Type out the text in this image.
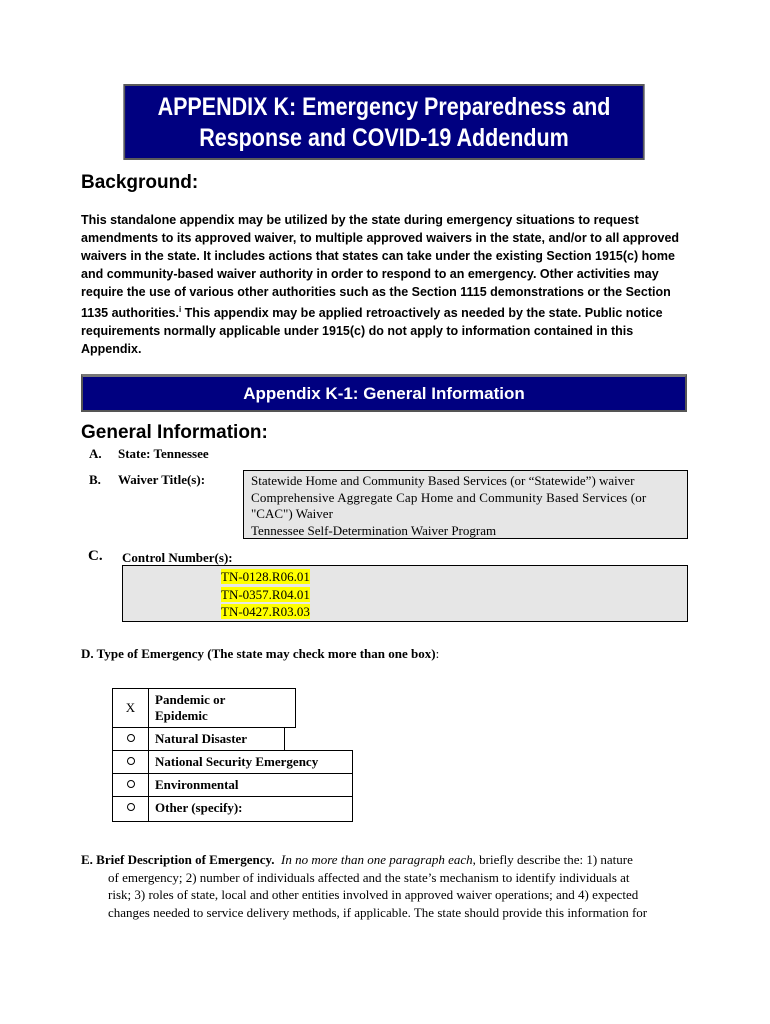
APPENDIX K: Emergency Preparedness and
Response and COVID-19 Addendum
Background:
This standalone appendix may be utilized by the state during emergency situations to request amendments to its approved waiver, to multiple approved waivers in the state, and/or to all approved waivers in the state. It includes actions that states can take under the existing Section 1915(c) home and community-based waiver authority in order to respond to an emergency. Other activities may require the use of various other authorities such as the Section 1115 demonstrations or the Section 1135 authorities.$^i$ This appendix may be applied retroactively as needed by the state. Public notice requirements normally applicable under 1915(c) do not apply to information contained in this Appendix.
Appendix K-1: General Information
General Information:
A. State: Tennessee
B. Waiver Title(s):	Statewide Home and Community Based Services (or “Statewide”) waiver
Comprehensive Aggregate Cap Home and Community Based Services (or
"CAC") Waiver
Tennessee Self-Determination Waiver Program
C. Control Number(s):
TN-0128.R06.01
TN-0357.R04.01
TN-0427.R03.03
D. Type of Emergency (The state may check more than one box):
X
Pandemic or
Epidemic
Natural Disaster
National Security Emergency
Environmental
Other (specify):
E. Brief Description of Emergency. In no more than one paragraph each, briefly describe the: 1) nature
of emergency; 2) number of individuals affected and the state’s mechanism to identify individuals at
risk; 3) roles of state, local and other entities involved in approved waiver operations; and 4) expected
changes needed to service delivery methods, if applicable. The state should provide this information for
